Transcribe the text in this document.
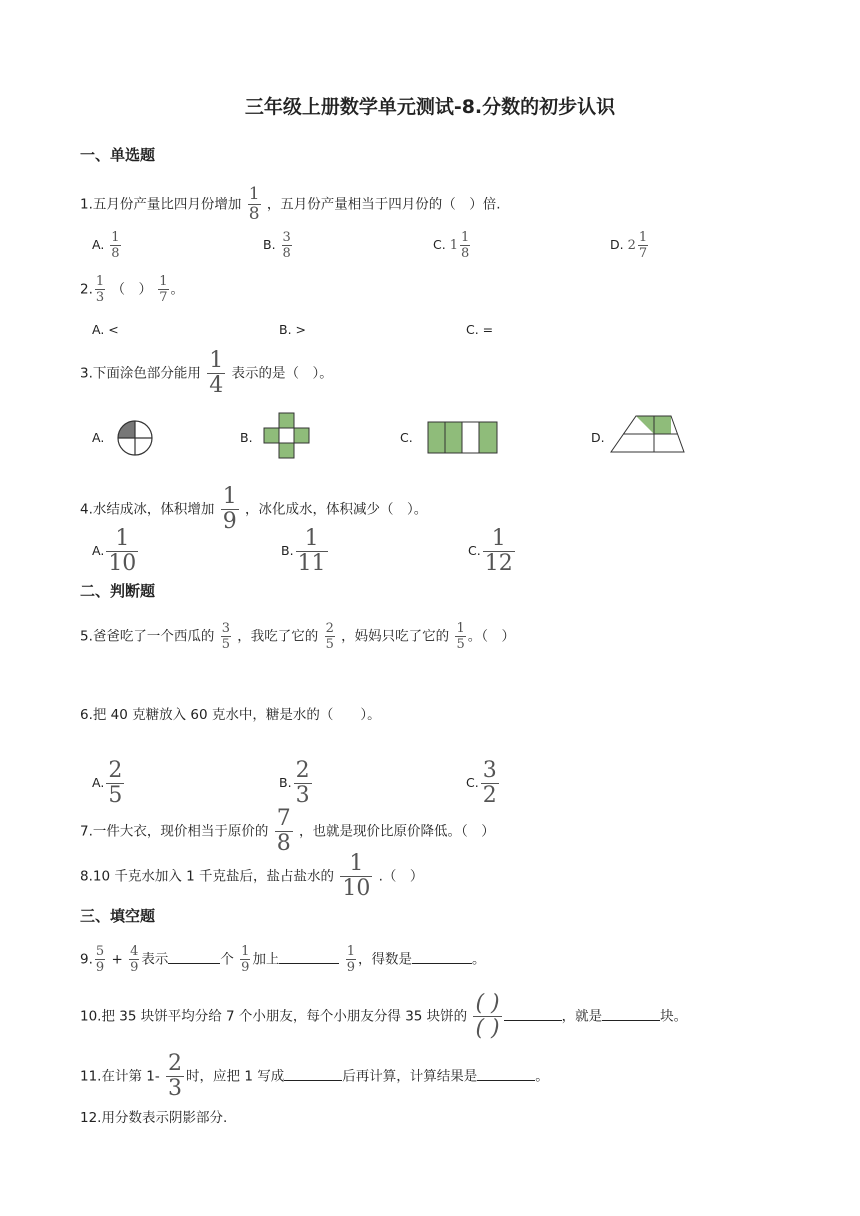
三年级上册数学单元测试-8.分数的初步认识
一、单选题
1.五月份产量比四月份增加 $\frac{1}{8}$ ，五月份产量相当于四月份的（　）倍.
A. $\frac{1}{8}$	B. $\frac{3}{8}$	C. $1 \frac{1}{8}$	D. $2 \frac{1}{7}$
2. $\frac{1}{3}$ （　） $\frac{1}{7}$ 。
A. <	B. >	C. =
3.下面涂色部分能用 $\frac{1}{4}$ 表示的是（　）。
A.	B.	C.	D.
4.水结成冰，体积增加 $\frac{1}{9}$ ，冰化成水，体积减少（　）。
A. $\frac{1}{10}$	B. $\frac{1}{11}$	C. $\frac{1}{12}$
二、判断题
5.爸爸吃了一个西瓜的 $\frac{3}{5}$ ，我吃了它的 $\frac{2}{5}$ ，妈妈只吃了它的 $\frac{1}{5}$ 。（　）
6.把 40 克糖放入 60 克水中，糖是水的（　　）。
A. $\frac{2}{5}$	B. $\frac{2}{3}$	C. $\frac{3}{2}$
7.一件大衣，现价相当于原价的 $\frac{7}{8}$ ，也就是现价比原价降低。（　）
8.10 千克水加入 1 千克盐后，盐占盐水的 $\frac{1}{10}$ .（　）
三、填空题
9. $\frac{5}{9} + \frac{4}{9}$ 表示	个 $\frac{1}{9}$ 加上	$\frac{1}{9}$ ，得数是	。
10.把 35 块饼平均分给 7 个小朋友，每个小朋友分得 35 块饼的 $\frac{( )}{( )}$	，就是	块。
11.在计第 $1- \frac{2}{3}$ 时，应把 1 写成	后再计算，计算结果是	。
12.用分数表示阴影部分.
